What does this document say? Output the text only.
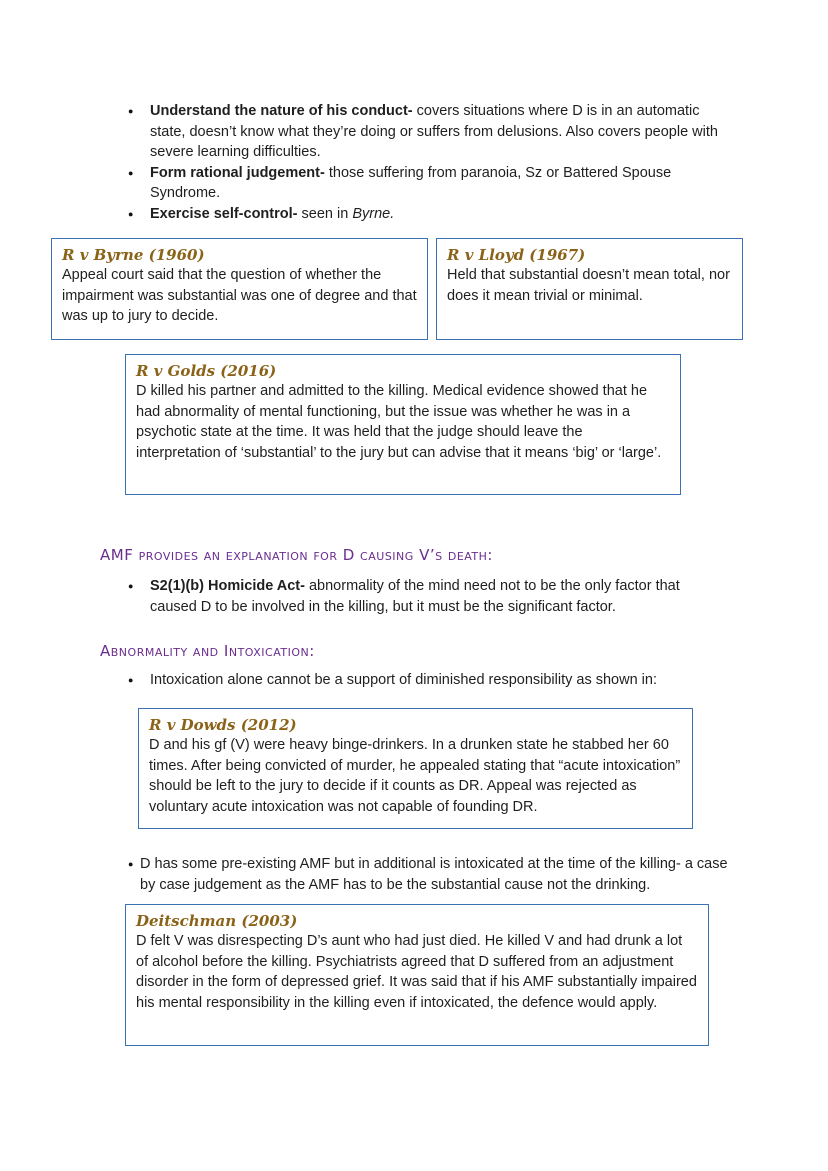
● Understand the nature of his conduct- covers situations where D is in an automatic state, doesn’t know what they’re doing or suffers from delusions. Also covers people with severe learning difficulties.
● Form rational judgement- those suffering from paranoia, Sz or Battered Spouse Syndrome.
● Exercise self-control- seen in Byrne.
R v Byrne (1960)
Appeal court said that the question of whether the impairment was substantial was one of degree and that was up to jury to decide.
R v Lloyd (1967)
Held that substantial doesn’t mean total, nor does it mean trivial or minimal.
R v Golds (2016)
D killed his partner and admitted to the killing. Medical evidence showed that he had abnormality of mental functioning, but the issue was whether he was in a psychotic state at the time. It was held that the judge should leave the interpretation of ‘substantial’ to the jury but can advise that it means ‘big’ or ‘large’.
AMF provides an explanation for D causing V’s death:
● S2(1)(b) Homicide Act- abnormality of the mind need not to be the only factor that caused D to be involved in the killing, but it must be the significant factor.
Abnormality and Intoxication:
● Intoxication alone cannot be a support of diminished responsibility as shown in:
R v Dowds (2012)
D and his gf (V) were heavy binge-drinkers. In a drunken state he stabbed her 60 times. After being convicted of murder, he appealed stating that “acute intoxication” should be left to the jury to decide if it counts as DR. Appeal was rejected as voluntary acute intoxication was not capable of founding DR.
● D has some pre-existing AMF but in additional is intoxicated at the time of the killing- a case by case judgement as the AMF has to be the substantial cause not the drinking.
Deitschman (2003)
D felt V was disrespecting D’s aunt who had just died. He killed V and had drunk a lot of alcohol before the killing. Psychiatrists agreed that D suffered from an adjustment disorder in the form of depressed grief. It was said that if his AMF substantially impaired his mental responsibility in the killing even if intoxicated, the defence would apply.
